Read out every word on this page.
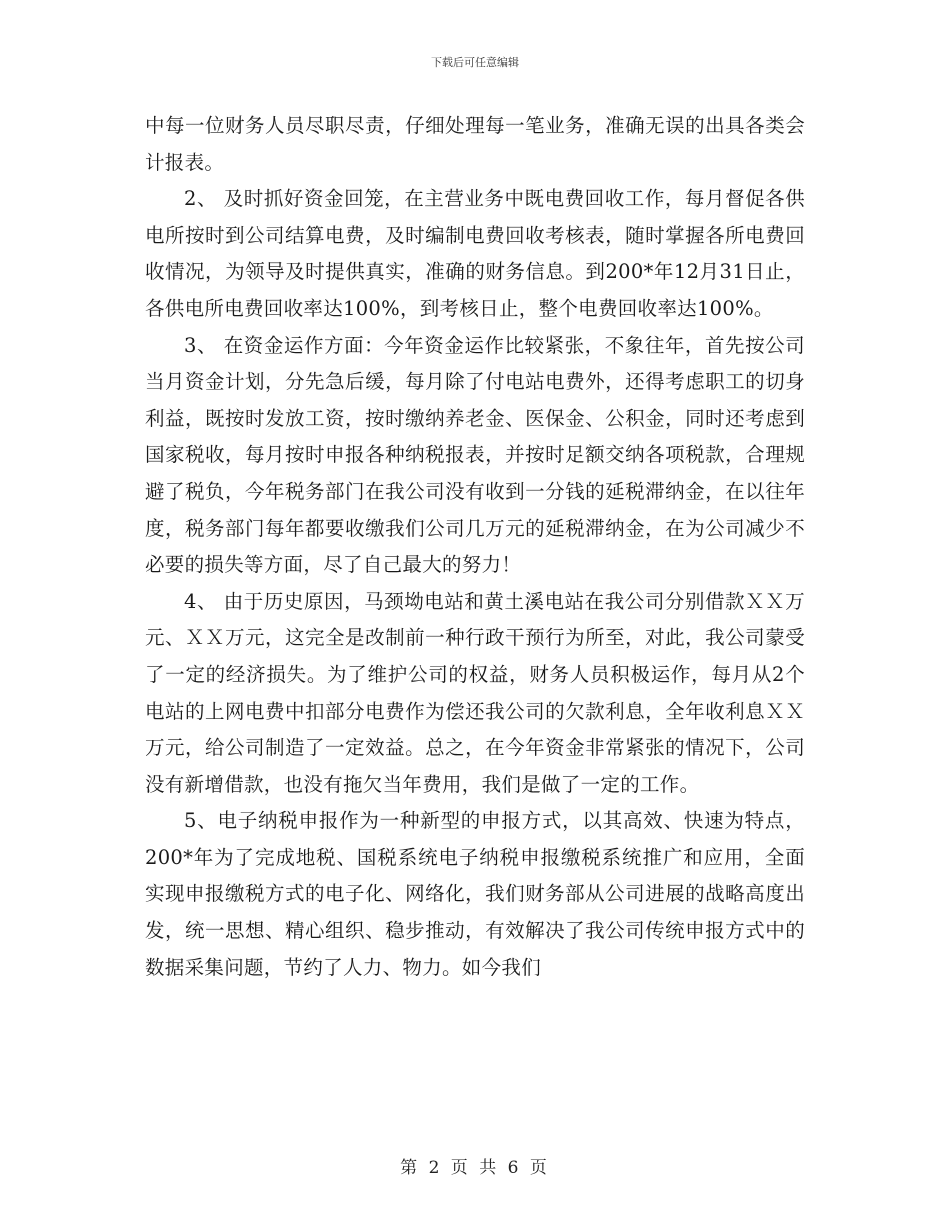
下载后可任意编辑

中每一位财务人员尽职尽责，仔细处理每一笔业务，准确无误的出具各类会计报表。

2、 及时抓好资金回笼，在主营业务中既电费回收工作，每月督促各供电所按时到公司结算电费，及时编制电费回收考核表，随时掌握各所电费回收情况，为领导及时提供真实，准确的财务信息。到200*年12月31日止，各供电所电费回收率达100%，到考核日止，整个电费回收率达100%。

3、 在资金运作方面：今年资金运作比较紧张，不象往年，首先按公司当月资金计划，分先急后缓，每月除了付电站电费外，还得考虑职工的切身利益，既按时发放工资，按时缴纳养老金、医保金、公积金，同时还考虑到国家税收，每月按时申报各种纳税报表，并按时足额交纳各项税款，合理规避了税负，今年税务部门在我公司没有收到一分钱的延税滞纳金，在以往年度，税务部门每年都要收缴我们公司几万元的延税滞纳金，在为公司减少不必要的损失等方面，尽了自己最大的努力！

4、 由于历史原因，马颈坳电站和黄土溪电站在我公司分别借款ＸＸ万元、ＸＸ万元，这完全是改制前一种行政干预行为所至，对此，我公司蒙受了一定的经济损失。为了维护公司的权益，财务人员积极运作，每月从2个电站的上网电费中扣部分电费作为偿还我公司的欠款利息，全年收利息ＸＸ万元，给公司制造了一定效益。总之，在今年资金非常紧张的情况下，公司没有新增借款，也没有拖欠当年费用，我们是做了一定的工作。

5、电子纳税申报作为一种新型的申报方式，以其高效、快速为特点，200*年为了完成地税、国税系统电子纳税申报缴税系统推广和应用，全面实现申报缴税方式的电子化、网络化，我们财务部从公司进展的战略高度出发，统一思想、精心组织、稳步推动，有效解决了我公司传统申报方式中的数据采集问题，节约了人力、物力。如今我们

第 2 页 共 6 页
